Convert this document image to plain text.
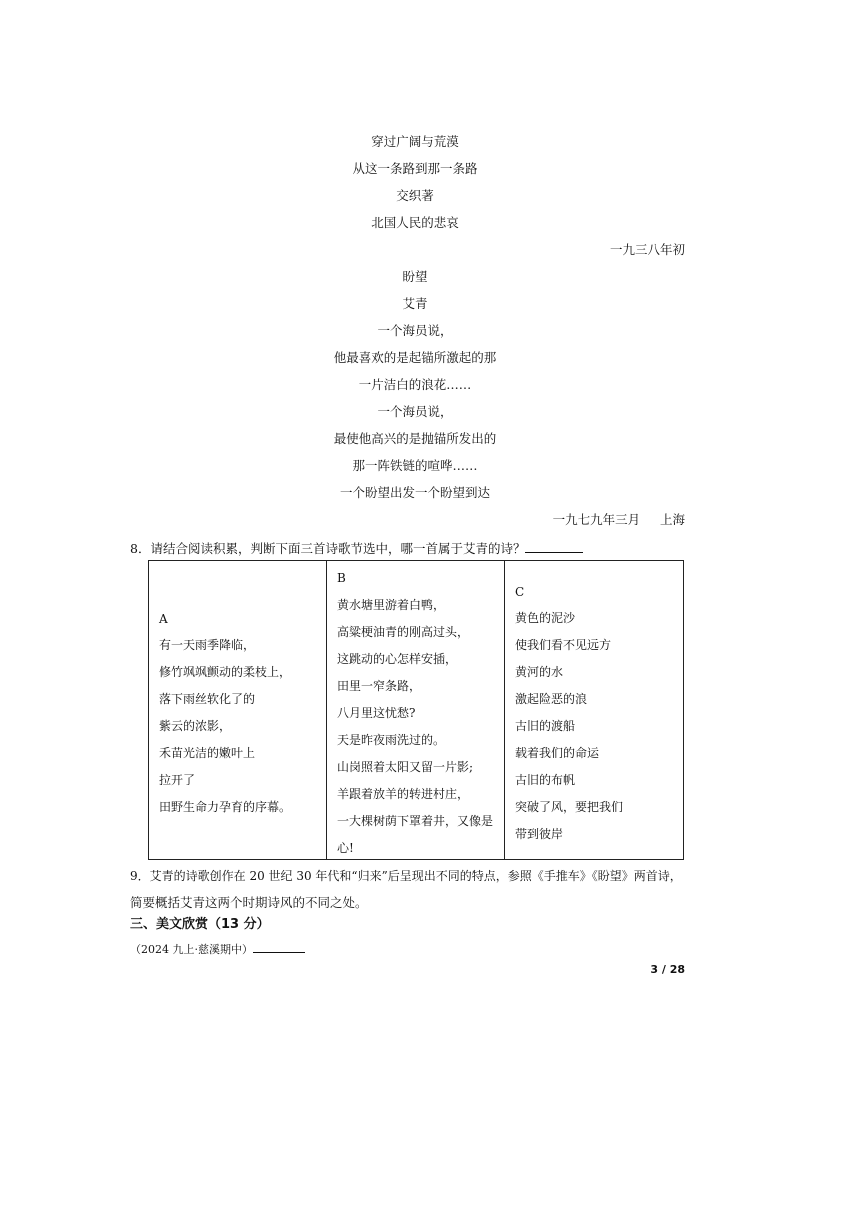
穿过广阔与荒漠
从这一条路到那一条路
交织著
北国人民的悲哀
一九三八年初
盼望
艾青
一个海员说，
他最喜欢的是起锚所激起的那
一片洁白的浪花……
一个海员说，
最使他高兴的是抛锚所发出的
那一阵铁链的喧哗……
一个盼望出发一个盼望到达
一九七九年三月 上海
8．请结合阅读积累，判断下面三首诗歌节选中，哪一首属于艾青的诗？
A
有一天雨季降临，
修竹飒飒颤动的柔枝上，
落下雨丝软化了的
紫云的浓影，
禾苗光洁的嫩叶上
拉开了
田野生命力孕育的序幕。
B
黄水塘里游着白鸭，
高粱梗油青的刚高过头，
这跳动的心怎样安插，
田里一窄条路，
八月里这忧愁?
天是昨夜雨洗过的。
山岗照着太阳又留一片影;
羊跟着放羊的转进村庄，
一大棵树荫下罩着井，又像是
心!
C
黄色的泥沙
使我们看不见远方
黄河的水
激起险恶的浪
古旧的渡船
载着我们的命运
古旧的布帆
突破了风，要把我们
带到彼岸
9．艾青的诗歌创作在 20 世纪 30 年代和“归来”后呈现出不同的特点，参照《手推车》《盼望》两首诗，
简要概括艾青这两个时期诗风的不同之处。
三、美文欣赏（13 分）
（2024 九上·慈溪期中）
3 / 28
